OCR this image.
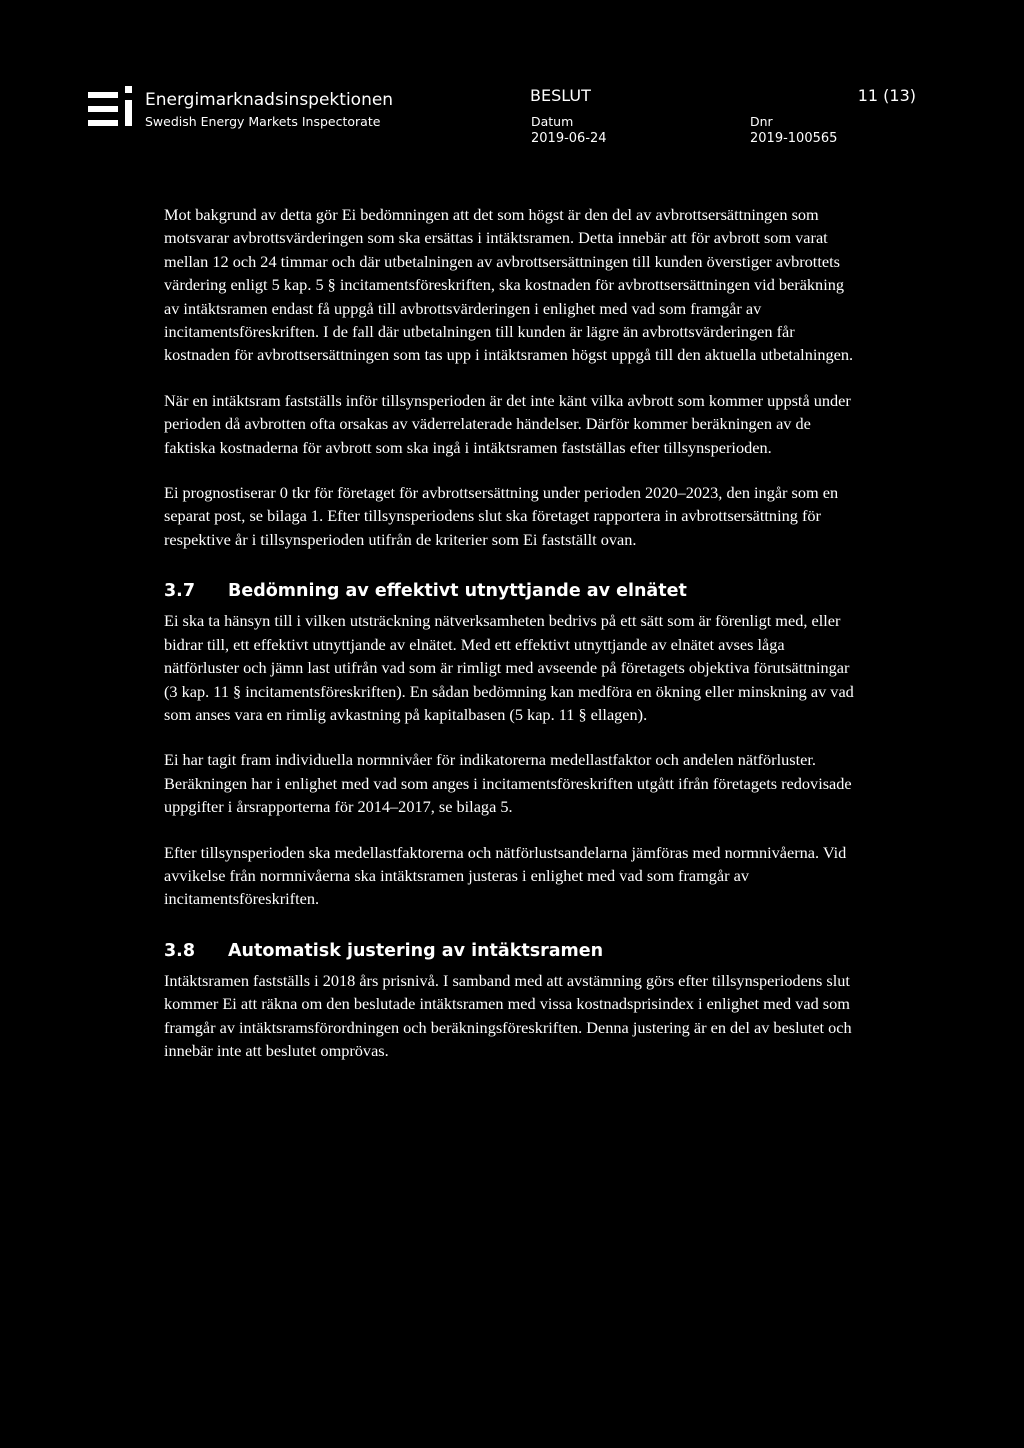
Energimarknadsinspektionen
Swedish Energy Markets Inspectorate
BESLUT	11 (13)
Datum
2019-06-24
Dnr
2019-100565

Mot bakgrund av detta gör Ei bedömningen att det som högst är den del av avbrottsersättningen som motsvarar avbrottsvärderingen som ska ersättas i intäktsramen. Detta innebär att för avbrott som varat mellan 12 och 24 timmar och där utbetalningen av avbrottsersättningen till kunden överstiger avbrottets värdering enligt 5 kap. 5 § incitamentsföreskriften, ska kostnaden för avbrottsersättningen vid beräkning av intäktsramen endast få uppgå till avbrottsvärderingen i enlighet med vad som framgår av incitamentsföreskriften. I de fall där utbetalningen till kunden är lägre än avbrottsvärderingen får kostnaden för avbrottsersättningen som tas upp i intäktsramen högst uppgå till den aktuella utbetalningen.

När en intäktsram fastställs inför tillsynsperioden är det inte känt vilka avbrott som kommer uppstå under perioden då avbrotten ofta orsakas av väderrelaterade händelser. Därför kommer beräkningen av de faktiska kostnaderna för avbrott som ska ingå i intäktsramen fastställas efter tillsynsperioden.

Ei prognostiserar 0 tkr för företaget för avbrottsersättning under perioden 2020–2023, den ingår som en separat post, se bilaga 1. Efter tillsynsperiodens slut ska företaget rapportera in avbrottsersättning för respektive år i tillsynsperioden utifrån de kriterier som Ei fastställt ovan.

3.7	Bedömning av effektivt utnyttjande av elnätet

Ei ska ta hänsyn till i vilken utsträckning nätverksamheten bedrivs på ett sätt som är förenligt med, eller bidrar till, ett effektivt utnyttjande av elnätet. Med ett effektivt utnyttjande av elnätet avses låga nätförluster och jämn last utifrån vad som är rimligt med avseende på företagets objektiva förutsättningar (3 kap. 11 § incitamentsföreskriften). En sådan bedömning kan medföra en ökning eller minskning av vad som anses vara en rimlig avkastning på kapitalbasen (5 kap. 11 § ellagen).

Ei har tagit fram individuella normnivåer för indikatorerna medellastfaktor och andelen nätförluster. Beräkningen har i enlighet med vad som anges i incitamentsföreskriften utgått ifrån företagets redovisade uppgifter i årsrapporterna för 2014–2017, se bilaga 5.

Efter tillsynsperioden ska medellastfaktorerna och nätförlustsandelarna jämföras med normnivåerna. Vid avvikelse från normnivåerna ska intäktsramen justeras i enlighet med vad som framgår av incitamentsföreskriften.

3.8	Automatisk justering av intäktsramen

Intäktsramen fastställs i 2018 års prisnivå. I samband med att avstämning görs efter tillsynsperiodens slut kommer Ei att räkna om den beslutade intäktsramen med vissa kostnadsprisindex i enlighet med vad som framgår av intäktsramsförordningen och beräkningsföreskriften. Denna justering är en del av beslutet och innebär inte att beslutet omprövas.
